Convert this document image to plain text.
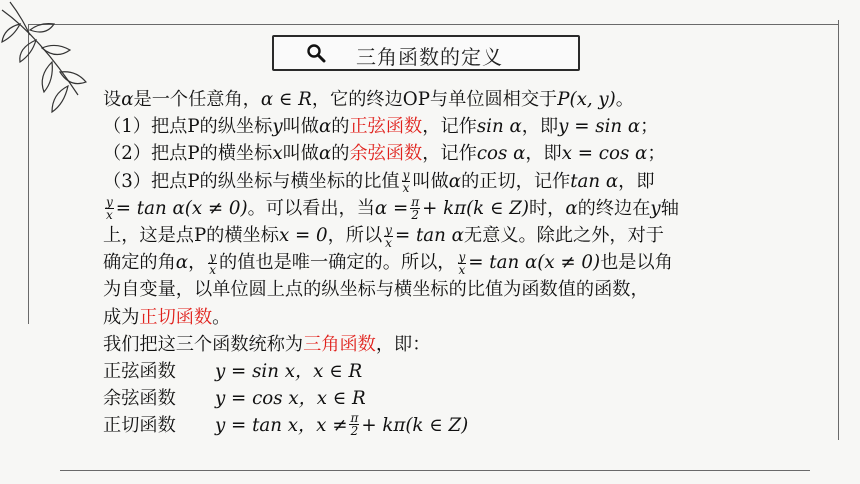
三角函数的定义

设α是一个任意角，α ∈ R，它的终边OP与单位圆相交于P(x, y)。

（1）把点P的纵坐标y叫做α的正弦函数，记作sin α，即y = sin α；

（2）把点P的横坐标x叫做α的余弦函数，记作cos α，即x = cos α；

（3）把点P的纵坐标与横坐标的比值 $\frac{y}{x}$ 叫做α的正切，记作tan α，即

$\frac{y}{x} = \tan \alpha(x \ne 0)$。可以看出，当$\alpha = \frac{\pi}{2} + k\pi(k$ ∈ Z)时，α的终边在y轴

上，这是点P的横坐标x = 0，所以 $\frac{y}{x} = \tan \alpha$无意义。除此之外，对于

确定的角α， $\frac{y}{x}$ 的值也是唯一确定的。所以， $\frac{y}{x} = \tan \alpha(x \ne 0)$也是以角

为自变量，以单位圆上点的纵坐标与横坐标的比值为函数值的函数，

成为正切函数。

我们把这三个函数统称为三角函数，即：

正弦函数	y = sin x，x ∈ R
余弦函数	y = cos x，x ∈ R
正切函数	y = tan x，$x \ne \frac{\pi}{2} + k\pi(k$ ∈ Z)
